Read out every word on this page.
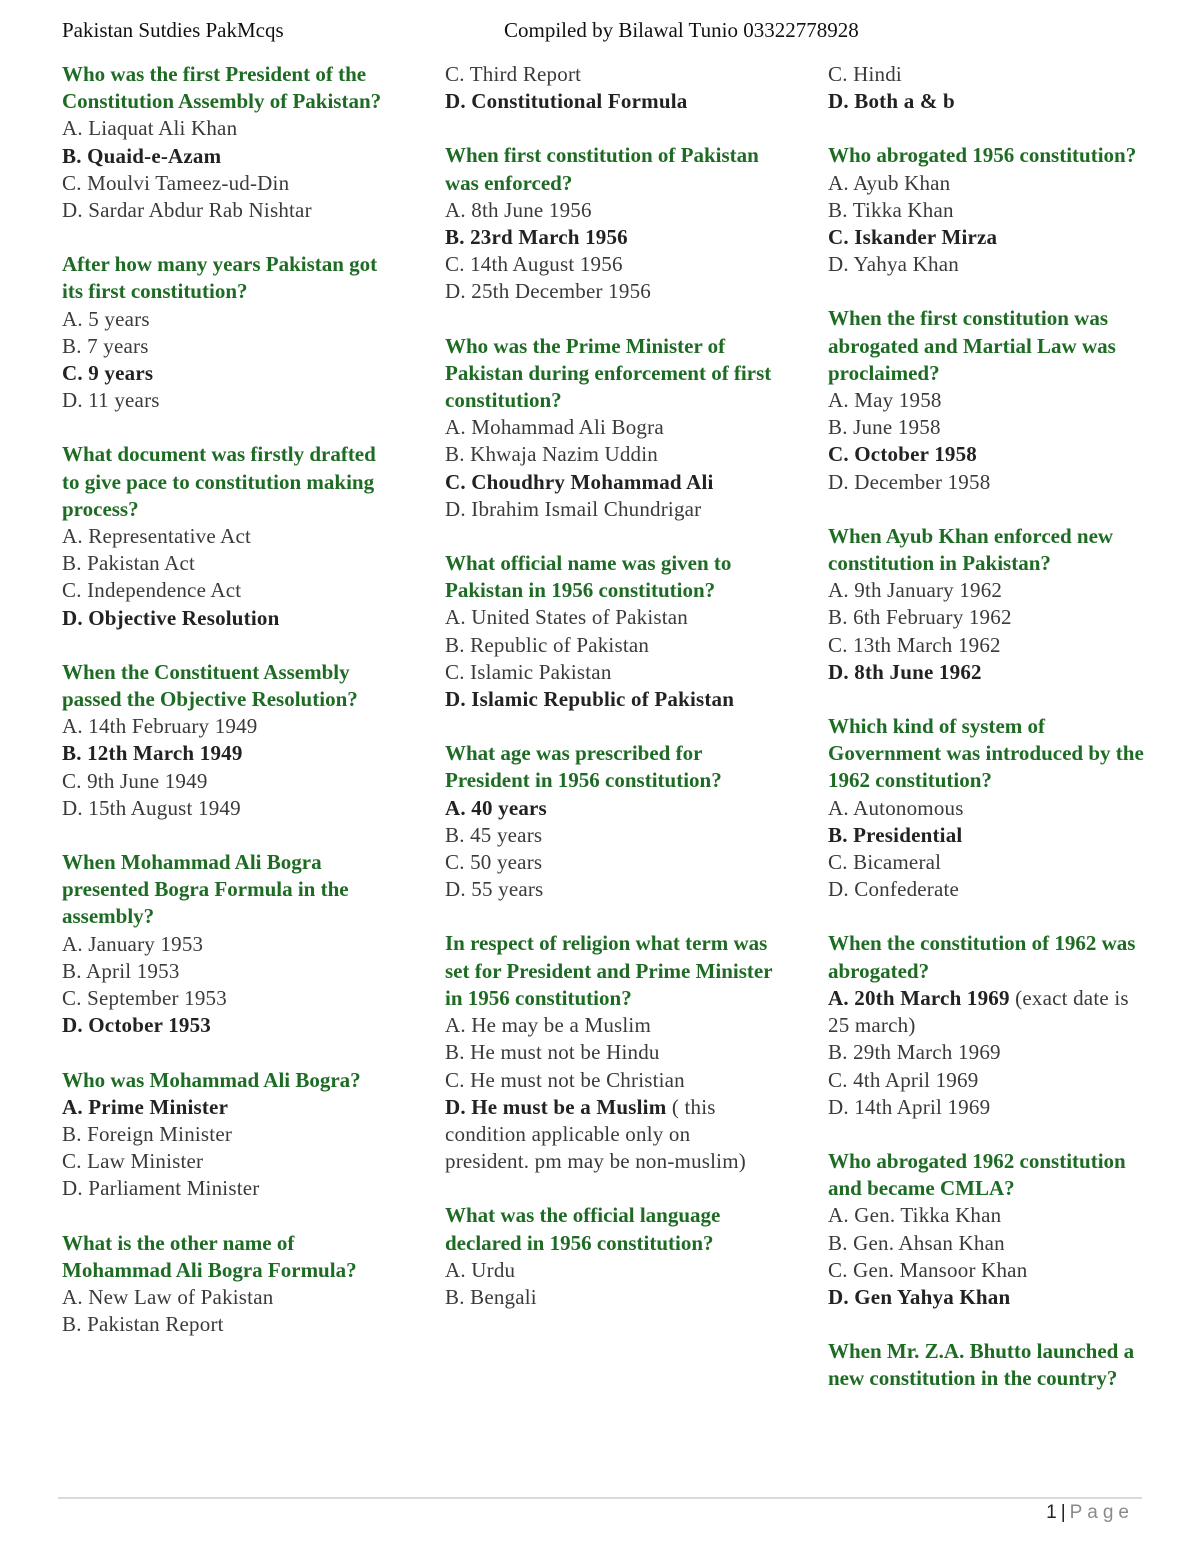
Pakistan Sutdies PakMcqs	Compiled by Bilawal Tunio 03322778928
Who was the first President of the Constitution Assembly of Pakistan?
A. Liaquat Ali Khan
B. Quaid-e-Azam
C. Moulvi Tameez-ud-Din
D. Sardar Abdur Rab Nishtar
After how many years Pakistan got its first constitution?
A. 5 years
B. 7 years
C. 9 years
D. 11 years
What document was firstly drafted to give pace to constitution making process?
A. Representative Act
B. Pakistan Act
C. Independence Act
D. Objective Resolution
When the Constituent Assembly passed the Objective Resolution?
A. 14th February 1949
B. 12th March 1949
C. 9th June 1949
D. 15th August 1949
When Mohammad Ali Bogra presented Bogra Formula in the assembly?
A. January 1953
B. April 1953
C. September 1953
D. October 1953
Who was Mohammad Ali Bogra?
A. Prime Minister
B. Foreign Minister
C. Law Minister
D. Parliament Minister
What is the other name of Mohammad Ali Bogra Formula?
A. New Law of Pakistan
B. Pakistan Report
C. Third Report
D. Constitutional Formula
When first constitution of Pakistan was enforced?
A. 8th June 1956
B. 23rd March 1956
C. 14th August 1956
D. 25th December 1956
Who was the Prime Minister of Pakistan during enforcement of first constitution?
A. Mohammad Ali Bogra
B. Khwaja Nazim Uddin
C. Choudhry Mohammad Ali
D. Ibrahim Ismail Chundrigar
What official name was given to Pakistan in 1956 constitution?
A. United States of Pakistan
B. Republic of Pakistan
C. Islamic Pakistan
D. Islamic Republic of Pakistan
What age was prescribed for President in 1956 constitution?
A. 40 years
B. 45 years
C. 50 years
D. 55 years
In respect of religion what term was set for President and Prime Minister in 1956 constitution?
A. He may be a Muslim
B. He must not be Hindu
C. He must not be Christian
D. He must be a Muslim ( this condition applicable only on president. pm may be non-muslim)
What was the official language declared in 1956 constitution?
A. Urdu
B. Bengali
C. Hindi
D. Both a & b
Who abrogated 1956 constitution?
A. Ayub Khan
B. Tikka Khan
C. Iskander Mirza
D. Yahya Khan
When the first constitution was abrogated and Martial Law was proclaimed?
A. May 1958
B. June 1958
C. October 1958
D. December 1958
When Ayub Khan enforced new constitution in Pakistan?
A. 9th January 1962
B. 6th February 1962
C. 13th March 1962
D. 8th June 1962
Which kind of system of Government was introduced by the 1962 constitution?
A. Autonomous
B. Presidential
C. Bicameral
D. Confederate
When the constitution of 1962 was abrogated?
A. 20th March 1969 (exact date is 25 march)
B. 29th March 1969
C. 4th April 1969
D. 14th April 1969
Who abrogated 1962 constitution and became CMLA?
A. Gen. Tikka Khan
B. Gen. Ahsan Khan
C. Gen. Mansoor Khan
D. Gen Yahya Khan
When Mr. Z.A. Bhutto launched a new constitution in the country?
1 | Page
